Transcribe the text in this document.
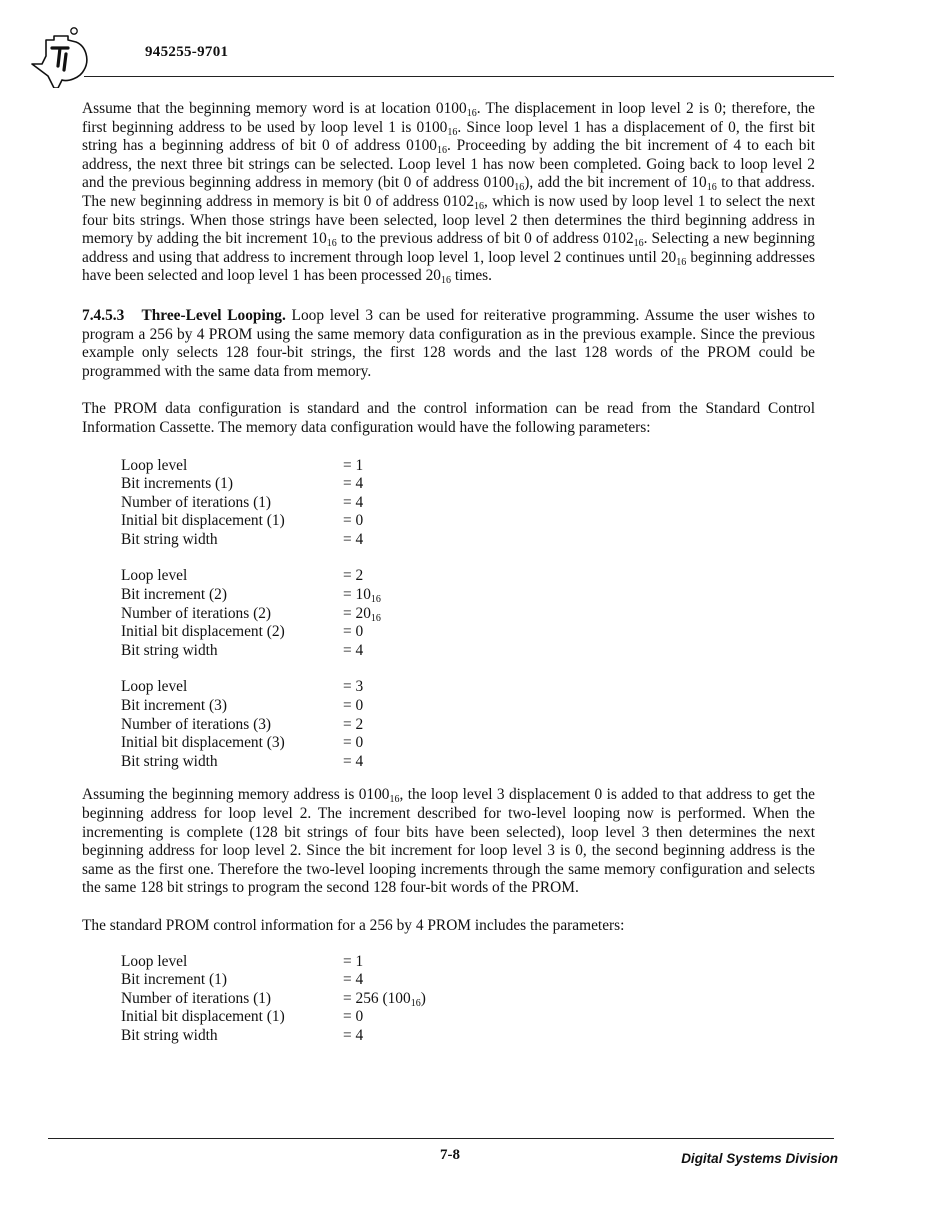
945255-9701

Assume that the beginning memory word is at location $0100_{16}$. The displacement in loop level 2 is 0; therefore, the first beginning address to be used by loop level 1 is $0100_{16}$. Since loop level 1 has a displacement of 0, the first bit string has a beginning address of bit 0 of address $0100_{16}$. Proceeding by adding the bit increment of 4 to each bit address, the next three bit strings can be selected. Loop level 1 has now been completed. Going back to loop level 2 and the previous beginning address in memory (bit 0 of address $0100_{16}$), add the bit increment of $10_{16}$ to that address. The new beginning address in memory is bit 0 of address $0102_{16}$, which is now used by loop level 1 to select the next four bits strings. When those strings have been selected, loop level 2 then determines the third beginning address in memory by adding the bit increment $10_{16}$ to the previous address of bit 0 of address $0102_{16}$. Selecting a new beginning address and using that address to increment through loop level 1, loop level 2 continues until $20_{16}$ beginning addresses have been selected and loop level 1 has been processed $20_{16}$ times.

7.4.5.3 Three-Level Looping. Loop level 3 can be used for reiterative programming. Assume the user wishes to program a 256 by 4 PROM using the same memory data configuration as in the previous example. Since the previous example only selects 128 four-bit strings, the first 128 words and the last 128 words of the PROM could be programmed with the same data from memory.

The PROM data configuration is standard and the control information can be read from the Standard Control Information Cassette. The memory data configuration would have the following parameters:

Loop level	= 1
Bit increments (1)	= 4
Number of iterations (1)	= 4
Initial bit displacement (1)	= 0
Bit string width	= 4
Loop level	= 2
Bit increment (2)	= $10_{16}$
Number of iterations (2)	= $20_{16}$
Initial bit displacement (2)	= 0
Bit string width	= 4
Loop level	= 3
Bit increment (3)	= 0
Number of iterations (3)	= 2
Initial bit displacement (3)	= 0
Bit string width	= 4

Assuming the beginning memory address is $0100_{16}$, the loop level 3 displacement 0 is added to that address to get the beginning address for loop level 2. The increment described for two-level looping now is performed. When the incrementing is complete (128 bit strings of four bits have been selected), loop level 3 then determines the next beginning address for loop level 2. Since the bit increment for loop level 3 is 0, the second beginning address is the same as the first one. Therefore the two-level looping increments through the same memory configuration and selects the same 128 bit strings to program the second 128 four-bit words of the PROM.

The standard PROM control information for a 256 by 4 PROM includes the parameters:

Loop level	= 1
Bit increment (1)	= 4
Number of iterations (1)	= 256 $(100_{16})$
Initial bit displacement (1)	= 0
Bit string width	= 4
7-8	Digital Systems Division
